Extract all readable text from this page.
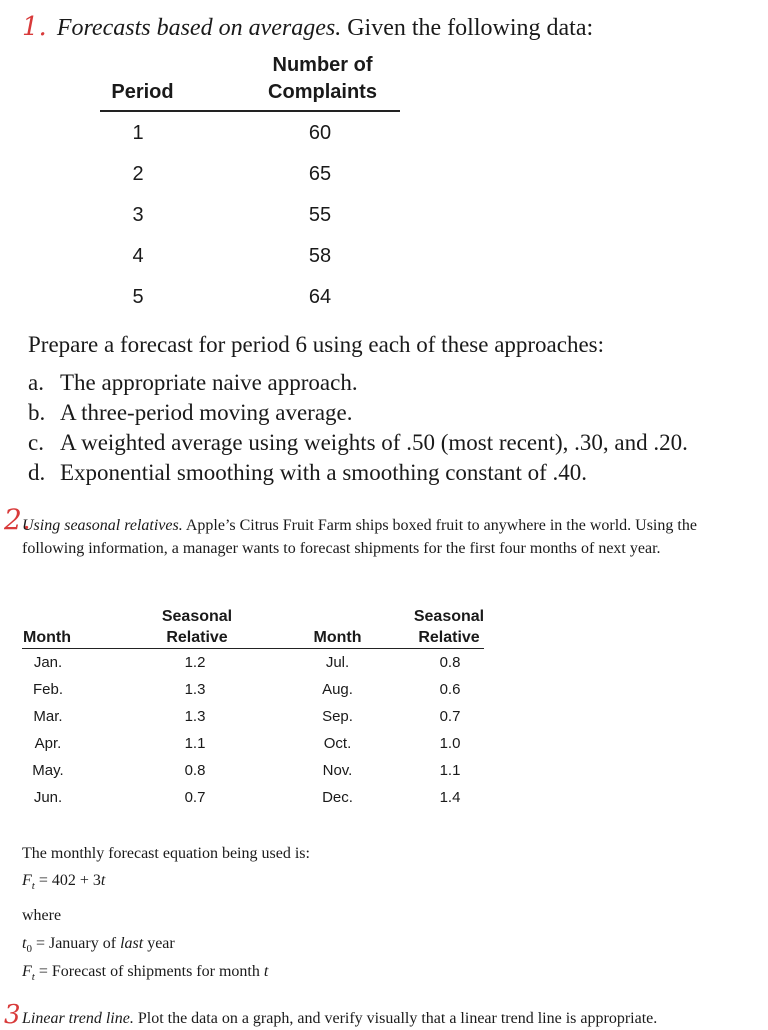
1. Forecasts based on averages. Given the following data:
Period
Number of
Complaints
1	60
2	65
3	55
4	58
5	64
Prepare a forecast for period 6 using each of these approaches:
a. The appropriate naive approach.
b. A three-period moving average.
c. A weighted average using weights of .50 (most recent), .30, and .20.
d. Exponential smoothing with a smoothing constant of .40.
2.
Using seasonal relatives. Apple’s Citrus Fruit Farm ships boxed fruit to anywhere in the world. Using the following information, a manager wants to forecast shipments for the first four months of next year.
Month
Seasonal
Relative	Month
Seasonal
Relative
Jan.	1.2	Jul.	0.8
Feb.	1.3	Aug.	0.6
Mar.	1.3	Sep.	0.7
Apr.	1.1	Oct.	1.0
May.	0.8	Nov.	1.1
Jun.	0.7	Dec.	1.4
The monthly forecast equation being used is:
$F_t = 402 + 3t$
where
$t_0$ = January of last year
$F_t$ = Forecast of shipments for month t
3 Linear trend line. Plot the data on a graph, and verify visually that a linear trend line is appropriate.
